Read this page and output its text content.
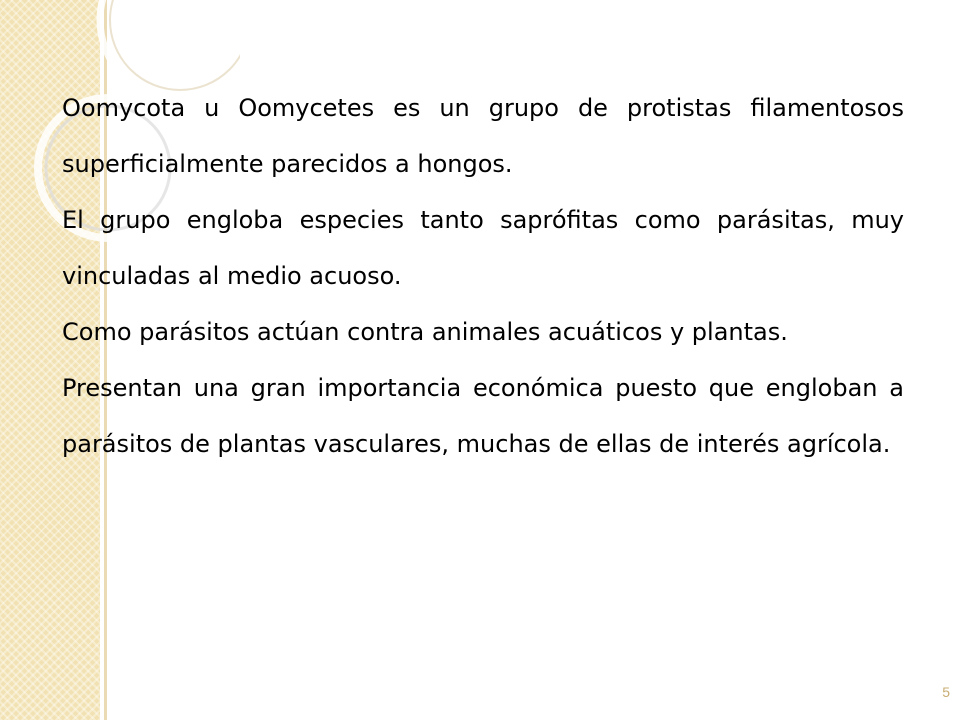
Oomycota u Oomycetes es un grupo de protistas filamentosos superficialmente parecidos a hongos.

El grupo engloba especies tanto saprófitas como parásitas, muy vinculadas al medio acuoso.

Como parásitos actúan contra animales acuáticos y plantas.

Presentan una gran importancia económica puesto que engloban a parásitos de plantas vasculares, muchas de ellas de interés agrícola.

5
